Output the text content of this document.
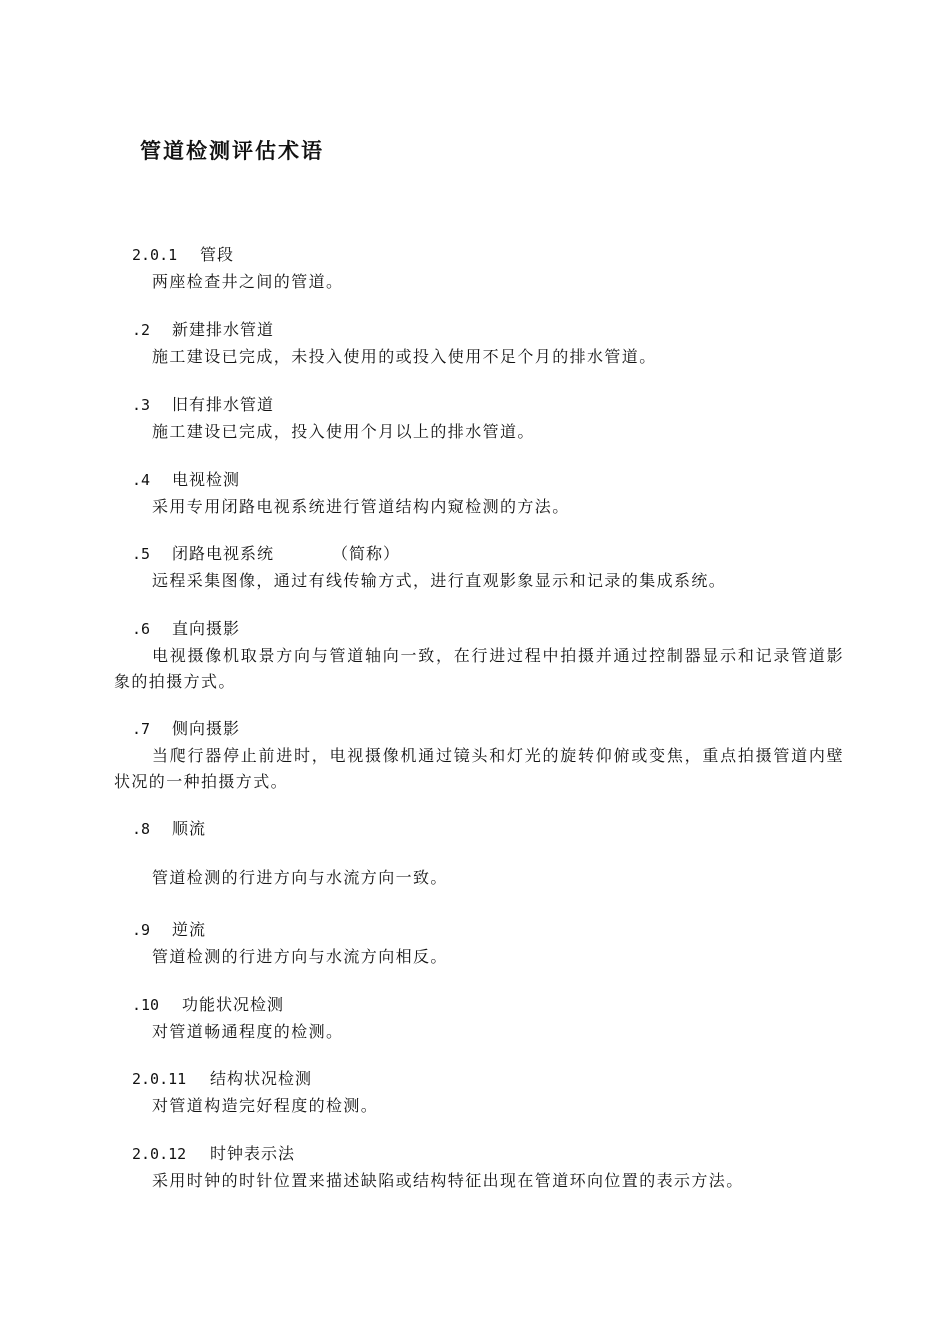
管道检测评估术语
2.0.1 管段
两座检查井之间的管道。
.2 新建排水管道
施工建设已完成，未投入使用的或投入使用不足个月的排水管道。
.3 旧有排水管道
施工建设已完成，投入使用个月以上的排水管道。
.4 电视检测
采用专用闭路电视系统进行管道结构内窥检测的方法。
.5 闭路电视系统	（简称）
远程采集图像，通过有线传输方式，进行直观影象显示和记录的集成系统。
.6 直向摄影
电视摄像机取景方向与管道轴向一致，在行进过程中拍摄并通过控制器显示和记录管道影象的拍摄方式。
.7 侧向摄影
当爬行器停止前进时，电视摄像机通过镜头和灯光的旋转仰俯或变焦，重点拍摄管道内壁状况的一种拍摄方式。
.8 顺流
管道检测的行进方向与水流方向一致。
.9 逆流
管道检测的行进方向与水流方向相反。
.10 功能状况检测
对管道畅通程度的检测。
2.0.11 结构状况检测
对管道构造完好程度的检测。
2.0.12 时钟表示法
采用时钟的时针位置来描述缺陷或结构特征出现在管道环向位置的表示方法。
